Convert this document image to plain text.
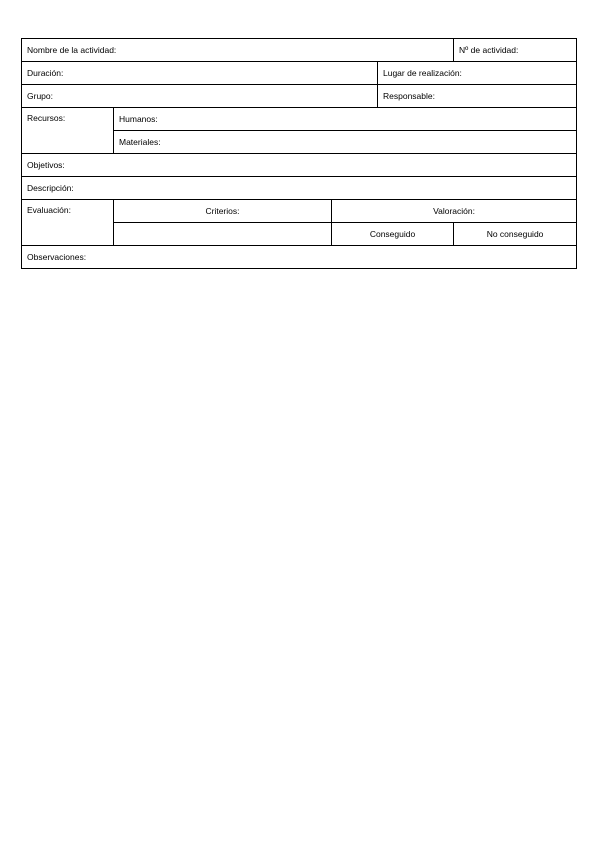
Nombre de la actividad:				Nº de actividad:
Duración:			Lugar de realización:	
Grupo:			Responsable:	
Recursos:	Humanos:			
	Materiales:			
Objetivos:				
Descripción:				
Evaluación:	Criterios:	Valoración:		
		Conseguido		No conseguido
Observaciones:				
